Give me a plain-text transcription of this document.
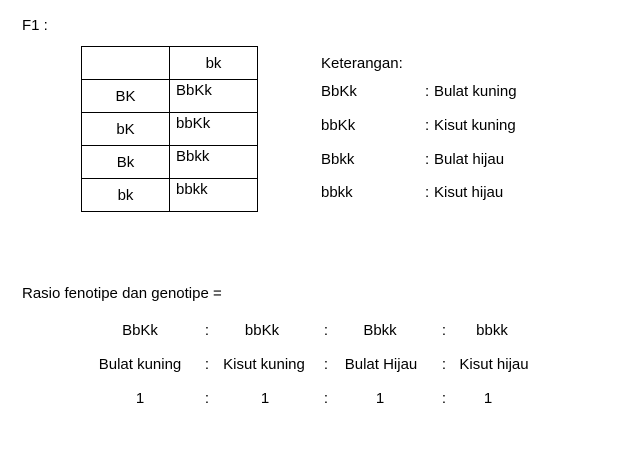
F1 :
	bk
BK	BbKk
bK	bbKk
Bk	Bbkk
bk	bbkk
Keterangan:
BbKk	: Bulat kuning
bbKk	: Kisut kuning
Bbkk	: Bulat hijau
bbkk	: Kisut hijau
Rasio fenotipe dan genotipe =
BbKk	: bbKk	: Bbkk	: bbkk
Bulat kuning : Kisut kuning : Bulat Hijau : Kisut hijau
1	:	1	:	1	:	1
